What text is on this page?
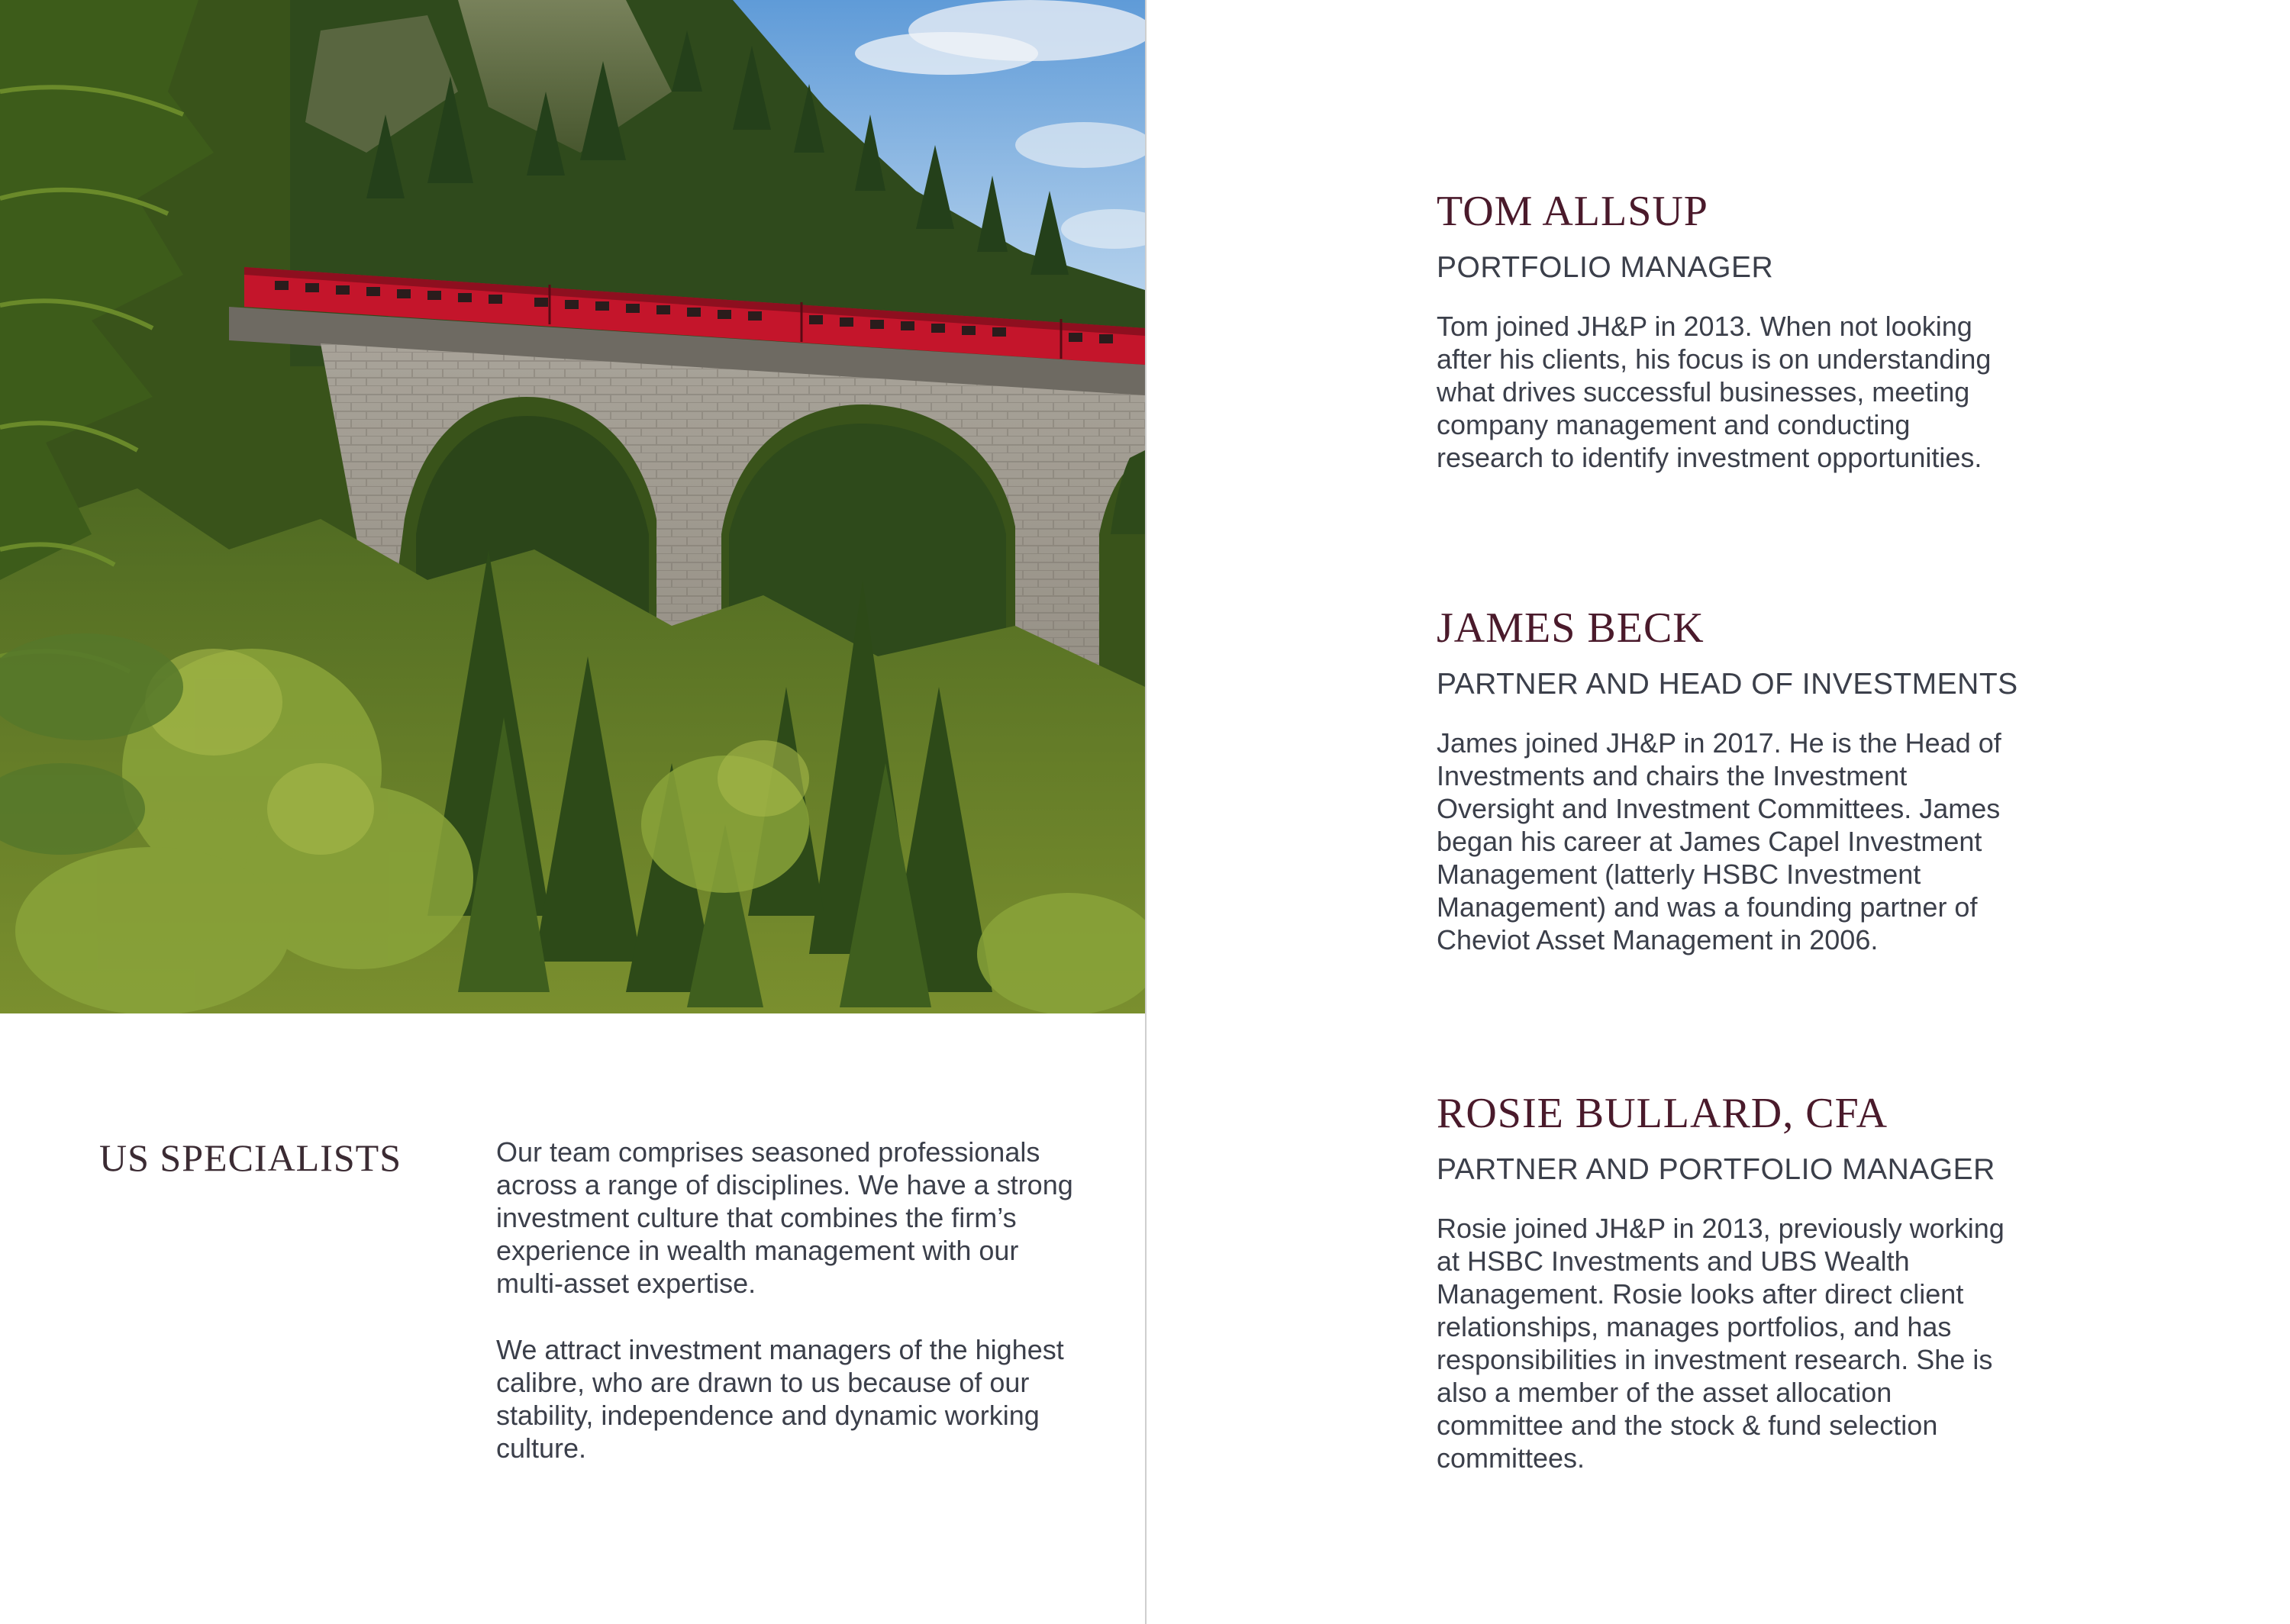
US SPECIALISTS	Our team comprises seasoned professionals across a range of disciplines. We have a strong investment culture that combines the firm’s experience in wealth management with our multi-asset expertise.

We attract investment managers of the highest calibre, who are drawn to us because of our stability, independence and dynamic working culture.

TOM ALLSUP

PORTFOLIO MANAGER

Tom joined JH&P in 2013. When not looking after his clients, his focus is on understanding what drives successful businesses, meeting company management and conducting research to identify investment opportunities.

JAMES BECK

PARTNER AND HEAD OF INVESTMENTS

James joined JH&P in 2017. He is the Head of Investments and chairs the Investment Oversight and Investment Committees. James began his career at James Capel Investment Management (latterly HSBC Investment Management) and was a founding partner of Cheviot Asset Management in 2006.

ROSIE BULLARD, CFA

PARTNER AND PORTFOLIO MANAGER

Rosie joined JH&P in 2013, previously working at HSBC Investments and UBS Wealth Management. Rosie looks after direct client relationships, manages portfolios, and has responsibilities in investment research. She is also a member of the asset allocation committee and the stock & fund selection committees.
